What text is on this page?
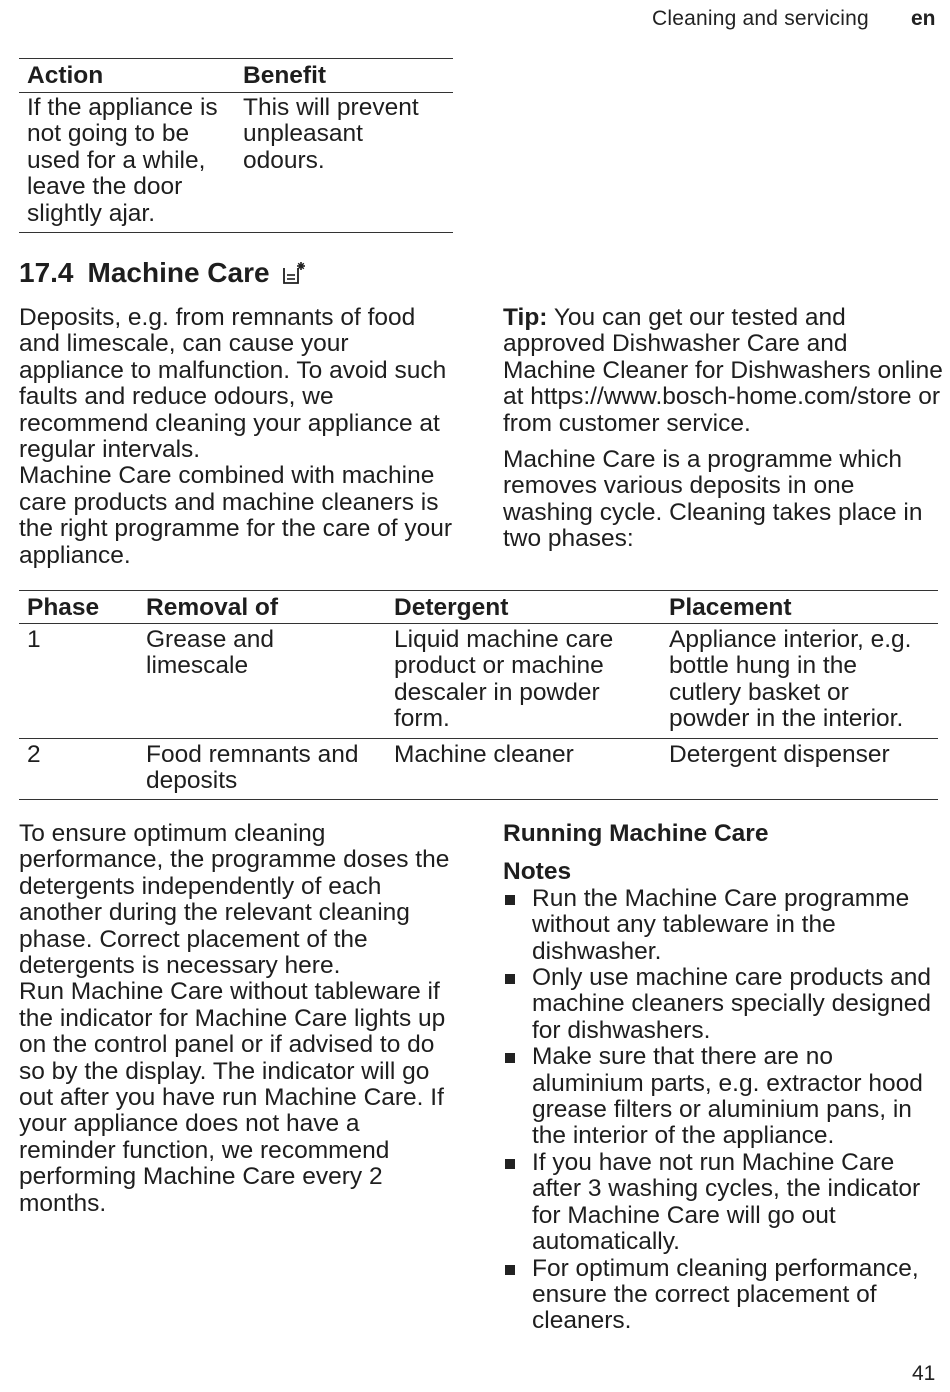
Cleaning and servicing en
Action	Benefit
If the appliance is not going to be used for a while, leave the door slightly ajar.	This will prevent unpleasant odours.
17.4 Machine Care

Deposits, e.g. from remnants of food and limescale, can cause your appliance to malfunction. To avoid such faults and reduce odours, we recommend cleaning your appliance at regular intervals.

Machine Care combined with machine care products and machine cleaners is the right programme for the care of your appliance.

Tip: You can get our tested and approved Dishwasher Care and Machine Cleaner for Dishwashers online at https://www.bosch-home.com/store or from customer service.

Machine Care is a programme which removes various deposits in one washing cycle. Cleaning takes place in two phases:

Phase	Removal of	Detergent	Placement
1	Grease and limescale	Liquid machine care product or machine descaler in powder form.	Appliance interior, e.g. bottle hung in the cutlery basket or powder in the interior.
2	Food remnants and deposits	Machine cleaner	Detergent dispenser

To ensure optimum cleaning performance, the programme doses the detergents independently of each another during the relevant cleaning phase. Correct placement of the detergents is necessary here.

Run Machine Care without tableware if the indicator for Machine Care lights up on the control panel or if advised to do so by the display. The indicator will go out after you have run Machine Care. If your appliance does not have a reminder function, we recommend performing Machine Care every 2 months.

Running Machine Care
Notes
Run the Machine Care programme without any tableware in the dishwasher.
Only use machine care products and machine cleaners specially designed for dishwashers.
Make sure that there are no aluminium parts, e.g. extractor hood grease filters or aluminium pans, in the interior of the appliance.
If you have not run Machine Care after 3 washing cycles, the indicator for Machine Care will go out automatically.
For optimum cleaning performance, ensure the correct placement of cleaners.
41
